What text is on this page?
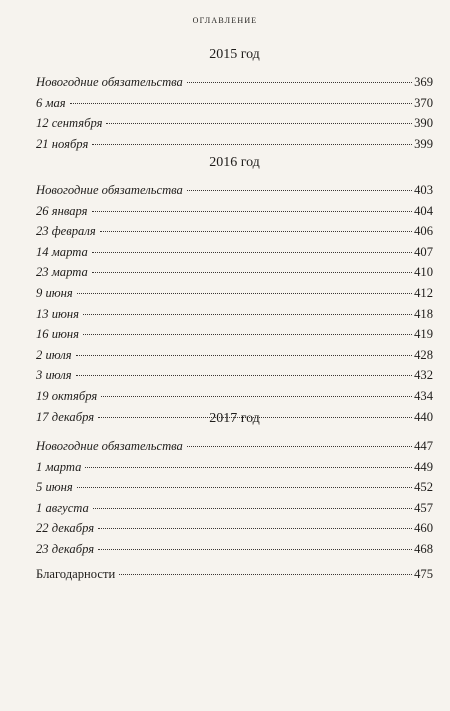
оглавление
2015 год
Новогодние обязательства	369
6 мая	370
12 сентября	390
21 ноября	399
2016 год
Новогодние обязательства	403
26 января	404
23 февраля	406
14 марта	407
23 марта	410
9 июня	412
13 июня	418
16 июня	419
2 июля	428
3 июля	432
19 октября	434
17 декабря	440
2017 год
Новогодние обязательства	447
1 марта	449
5 июня	452
1 августа	457
22 декабря	460
23 декабря	468
Благодарности	475
